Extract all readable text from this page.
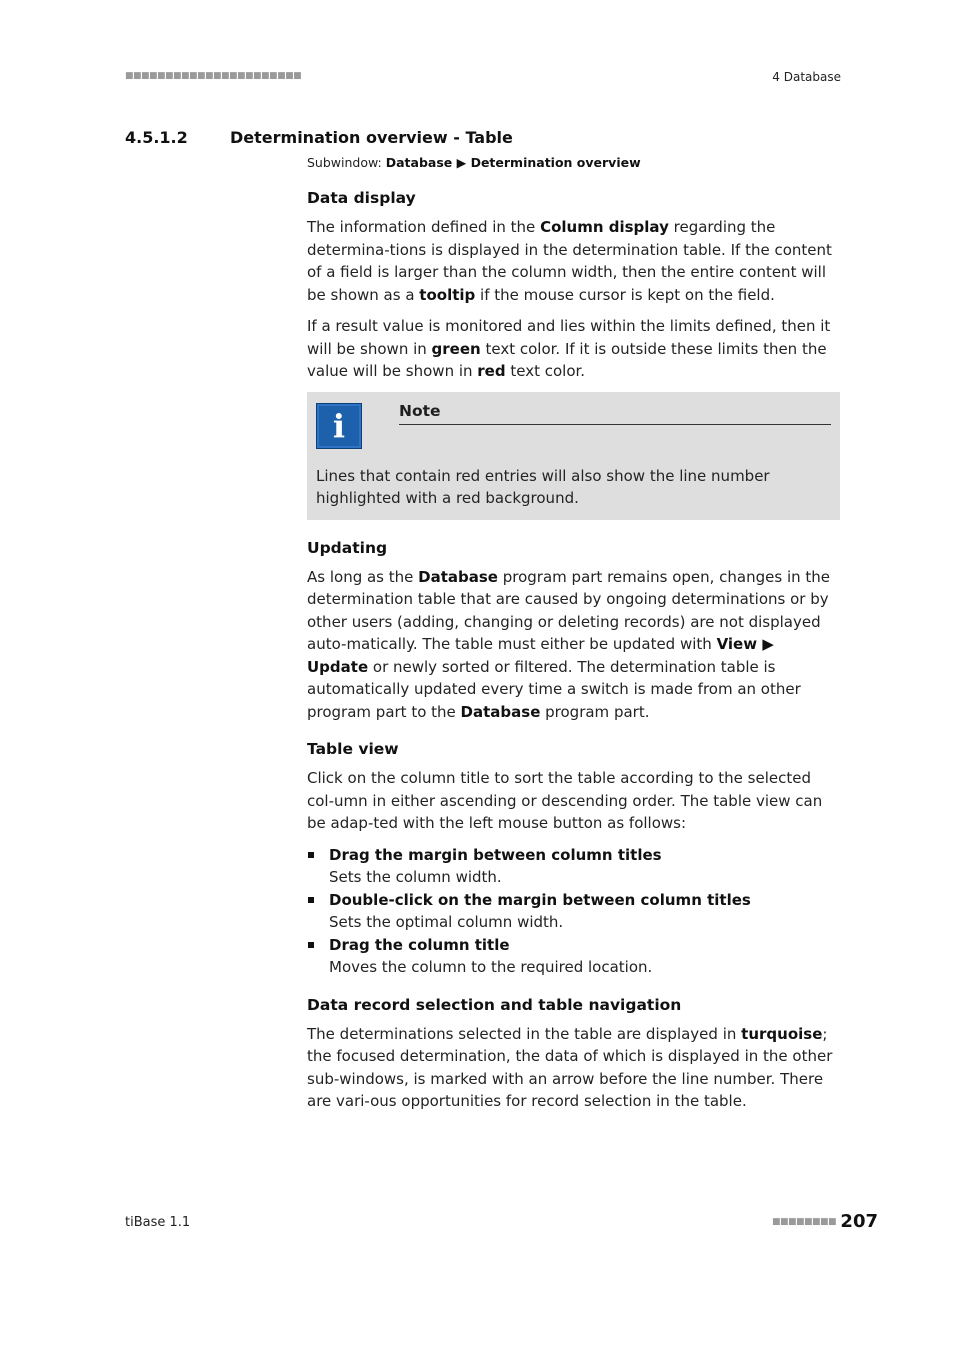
■■■■■■■■■■■■■■■■■■■■■■	4 Database
4.5.1.2	Determination overview - Table
Subwindow: Database ▶ Determination overview
Data display

The information defined in the Column display regarding the determina-tions is displayed in the determination table. If the content of a field is larger than the column width, then the entire content will be shown as a tooltip if the mouse cursor is kept on the field.

If a result value is monitored and lies within the limits defined, then it will be shown in green text color. If it is outside these limits then the value will be shown in red text color.

i	Note
Lines that contain red entries will also show the line number highlighted with a red background.
Updating

As long as the Database program part remains open, changes in the determination table that are caused by ongoing determinations or by other users (adding, changing or deleting records) are not displayed auto-matically. The table must either be updated with View ▶ Update or newly sorted or filtered. The determination table is automatically updated every time a switch is made from an other program part to the Database program part.

Table view

Click on the column title to sort the table according to the selected col-umn in either ascending or descending order. The table view can be adap-ted with the left mouse button as follows:

Drag the margin between column titles
Sets the column width.
Double-click on the margin between column titles
Sets the optimal column width.
Drag the column title
Moves the column to the required location.
Data record selection and table navigation

The determinations selected in the table are displayed in turquoise; the focused determination, the data of which is displayed in the other sub-windows, is marked with an arrow before the line number. There are vari-ous opportunities for record selection in the table.

tiBase 1.1	■■■■■■■■ 207
